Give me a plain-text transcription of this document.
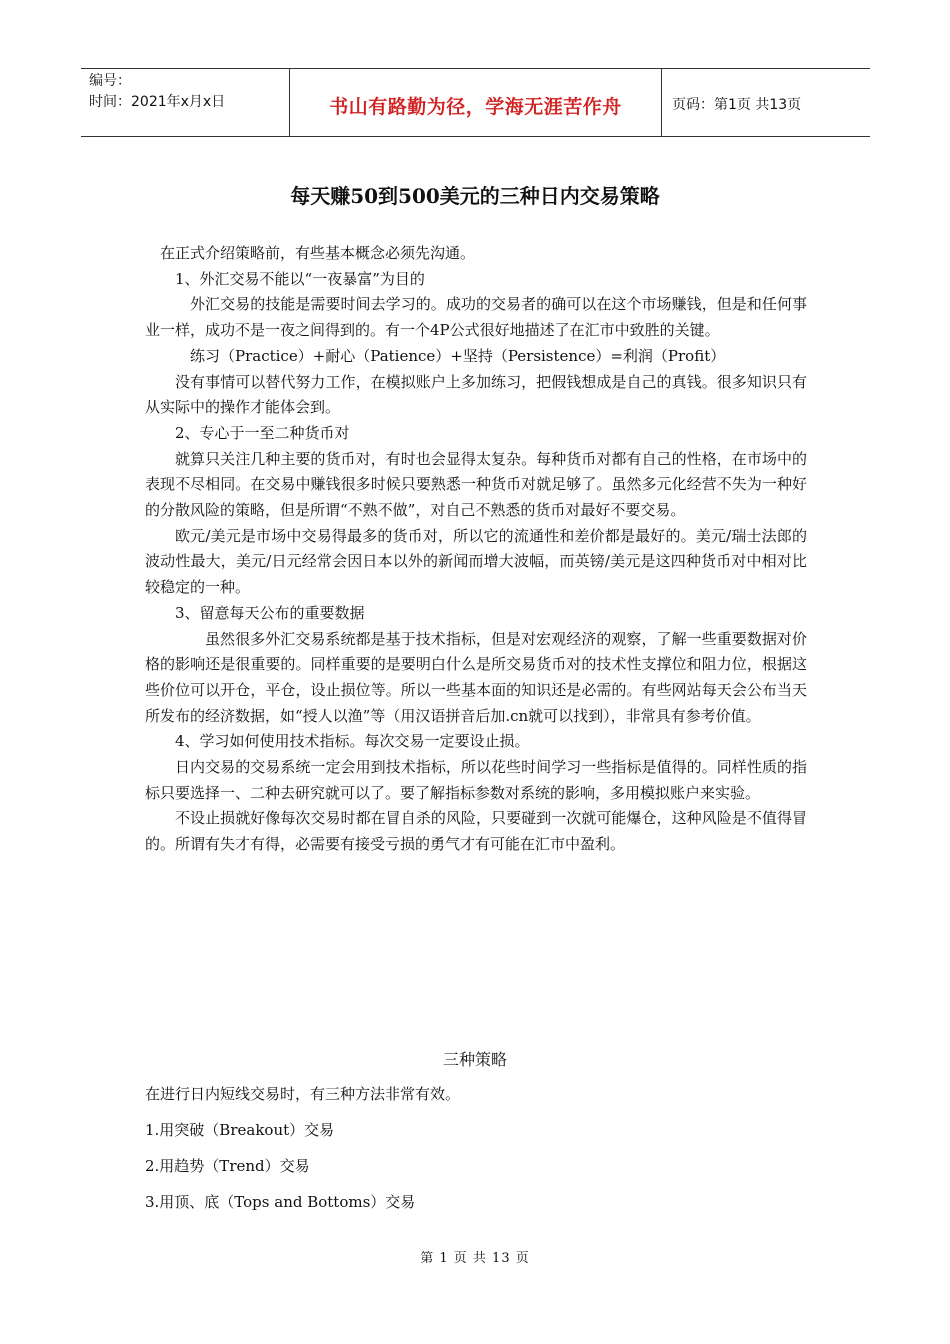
编号：
时间：2021年x月x日	书山有路勤为径，学海无涯苦作舟	页码：第1页 共13页
每天赚50到500美元的三种日内交易策略

在正式介绍策略前，有些基本概念必须先沟通。

1、外汇交易不能以“一夜暴富”为目的

外汇交易的技能是需要时间去学习的。成功的交易者的确可以在这个市场赚钱，但是和任何事业一样，成功不是一夜之间得到的。有一个4P公式很好地描述了在汇市中致胜的关键。

练习（Practice）+耐心（Patience）+坚持（Persistence）=利润（Profit）

没有事情可以替代努力工作，在模拟账户上多加练习，把假钱想成是自己的真钱。很多知识只有从实际中的操作才能体会到。

2、专心于一至二种货币对

就算只关注几种主要的货币对，有时也会显得太复杂。每种货币对都有自己的性格，在市场中的表现不尽相同。在交易中赚钱很多时候只要熟悉一种货币对就足够了。虽然多元化经营不失为一种好的分散风险的策略，但是所谓“不熟不做”，对自己不熟悉的货币对最好不要交易。

欧元/美元是市场中交易得最多的货币对，所以它的流通性和差价都是最好的。美元/瑞士法郎的波动性最大，美元/日元经常会因日本以外的新闻而增大波幅，而英镑/美元是这四种货币对中相对比较稳定的一种。

3、留意每天公布的重要数据

虽然很多外汇交易系统都是基于技术指标，但是对宏观经济的观察，了解一些重要数据对价格的影响还是很重要的。同样重要的是要明白什么是所交易货币对的技术性支撑位和阻力位，根据这些价位可以开仓，平仓，设止损位等。所以一些基本面的知识还是必需的。有些网站每天会公布当天所发布的经济数据，如“授人以渔”等（用汉语拼音后加.cn就可以找到），非常具有参考价值。

4、学习如何使用技术指标。每次交易一定要设止损。

日内交易的交易系统一定会用到技术指标，所以花些时间学习一些指标是值得的。同样性质的指标只要选择一、二种去研究就可以了。要了解指标参数对系统的影响，多用模拟账户来实验。

不设止损就好像每次交易时都在冒自杀的风险，只要碰到一次就可能爆仓，这种风险是不值得冒的。所谓有失才有得，必需要有接受亏损的勇气才有可能在汇市中盈利。

三种策略

在进行日内短线交易时，有三种方法非常有效。

1.用突破（Breakout）交易

2.用趋势（Trend）交易

3.用顶、底（Tops and Bottoms）交易

第 1 页 共 13 页
